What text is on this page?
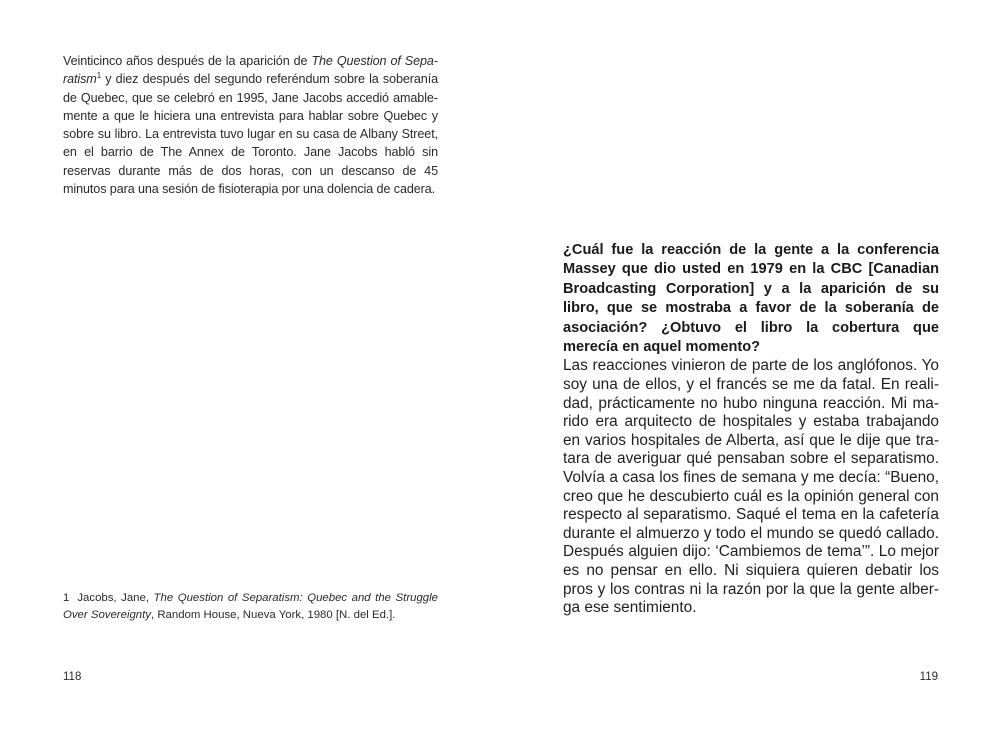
Veinticinco años después de la aparición de The Question of Separatism$^1$ y diez después del segundo referéndum sobre la soberanía de Quebec, que se celebró en 1995, Jane Jacobs accedió amablemente a que le hiciera una entrevista para hablar sobre Quebec y sobre su libro. La entrevista tuvo lugar en su casa de Albany Street, en el barrio de The Annex de Toronto. Jane Jacobs habló sin reservas durante más de dos horas, con un descanso de 45 minutos para una sesión de fisioterapia por una dolencia de cadera.

1 Jacobs, Jane, The Question of Separatism: Quebec and the Struggle Over Sovereignty, Random House, Nueva York, 1980 [N. del Ed.].

118

¿Cuál fue la reacción de la gente a la conferencia Massey que dio usted en 1979 en la CBC [Canadian Broadcasting Corporation] y a la aparición de su libro, que se mostraba a favor de la soberanía de asociación? ¿Obtuvo el libro la cobertura que merecía en aquel momento?

Las reacciones vinieron de parte de los anglófonos. Yo soy una de ellos, y el francés se me da fatal. En realidad, prácticamente no hubo ninguna reacción. Mi marido era arquitecto de hospitales y estaba trabajando en varios hospitales de Alberta, así que le dije que tratara de averiguar qué pensaban sobre el separatismo. Volvía a casa los fines de semana y me decía: “Bueno, creo que he descubierto cuál es la opinión general con respecto al separatismo. Saqué el tema en la cafetería durante el almuerzo y todo el mundo se quedó callado. Después alguien dijo: ‘Cambiemos de tema’”. Lo mejor es no pensar en ello. Ni siquiera quieren debatir los pros y los contras ni la razón por la que la gente alberga ese sentimiento.

119
